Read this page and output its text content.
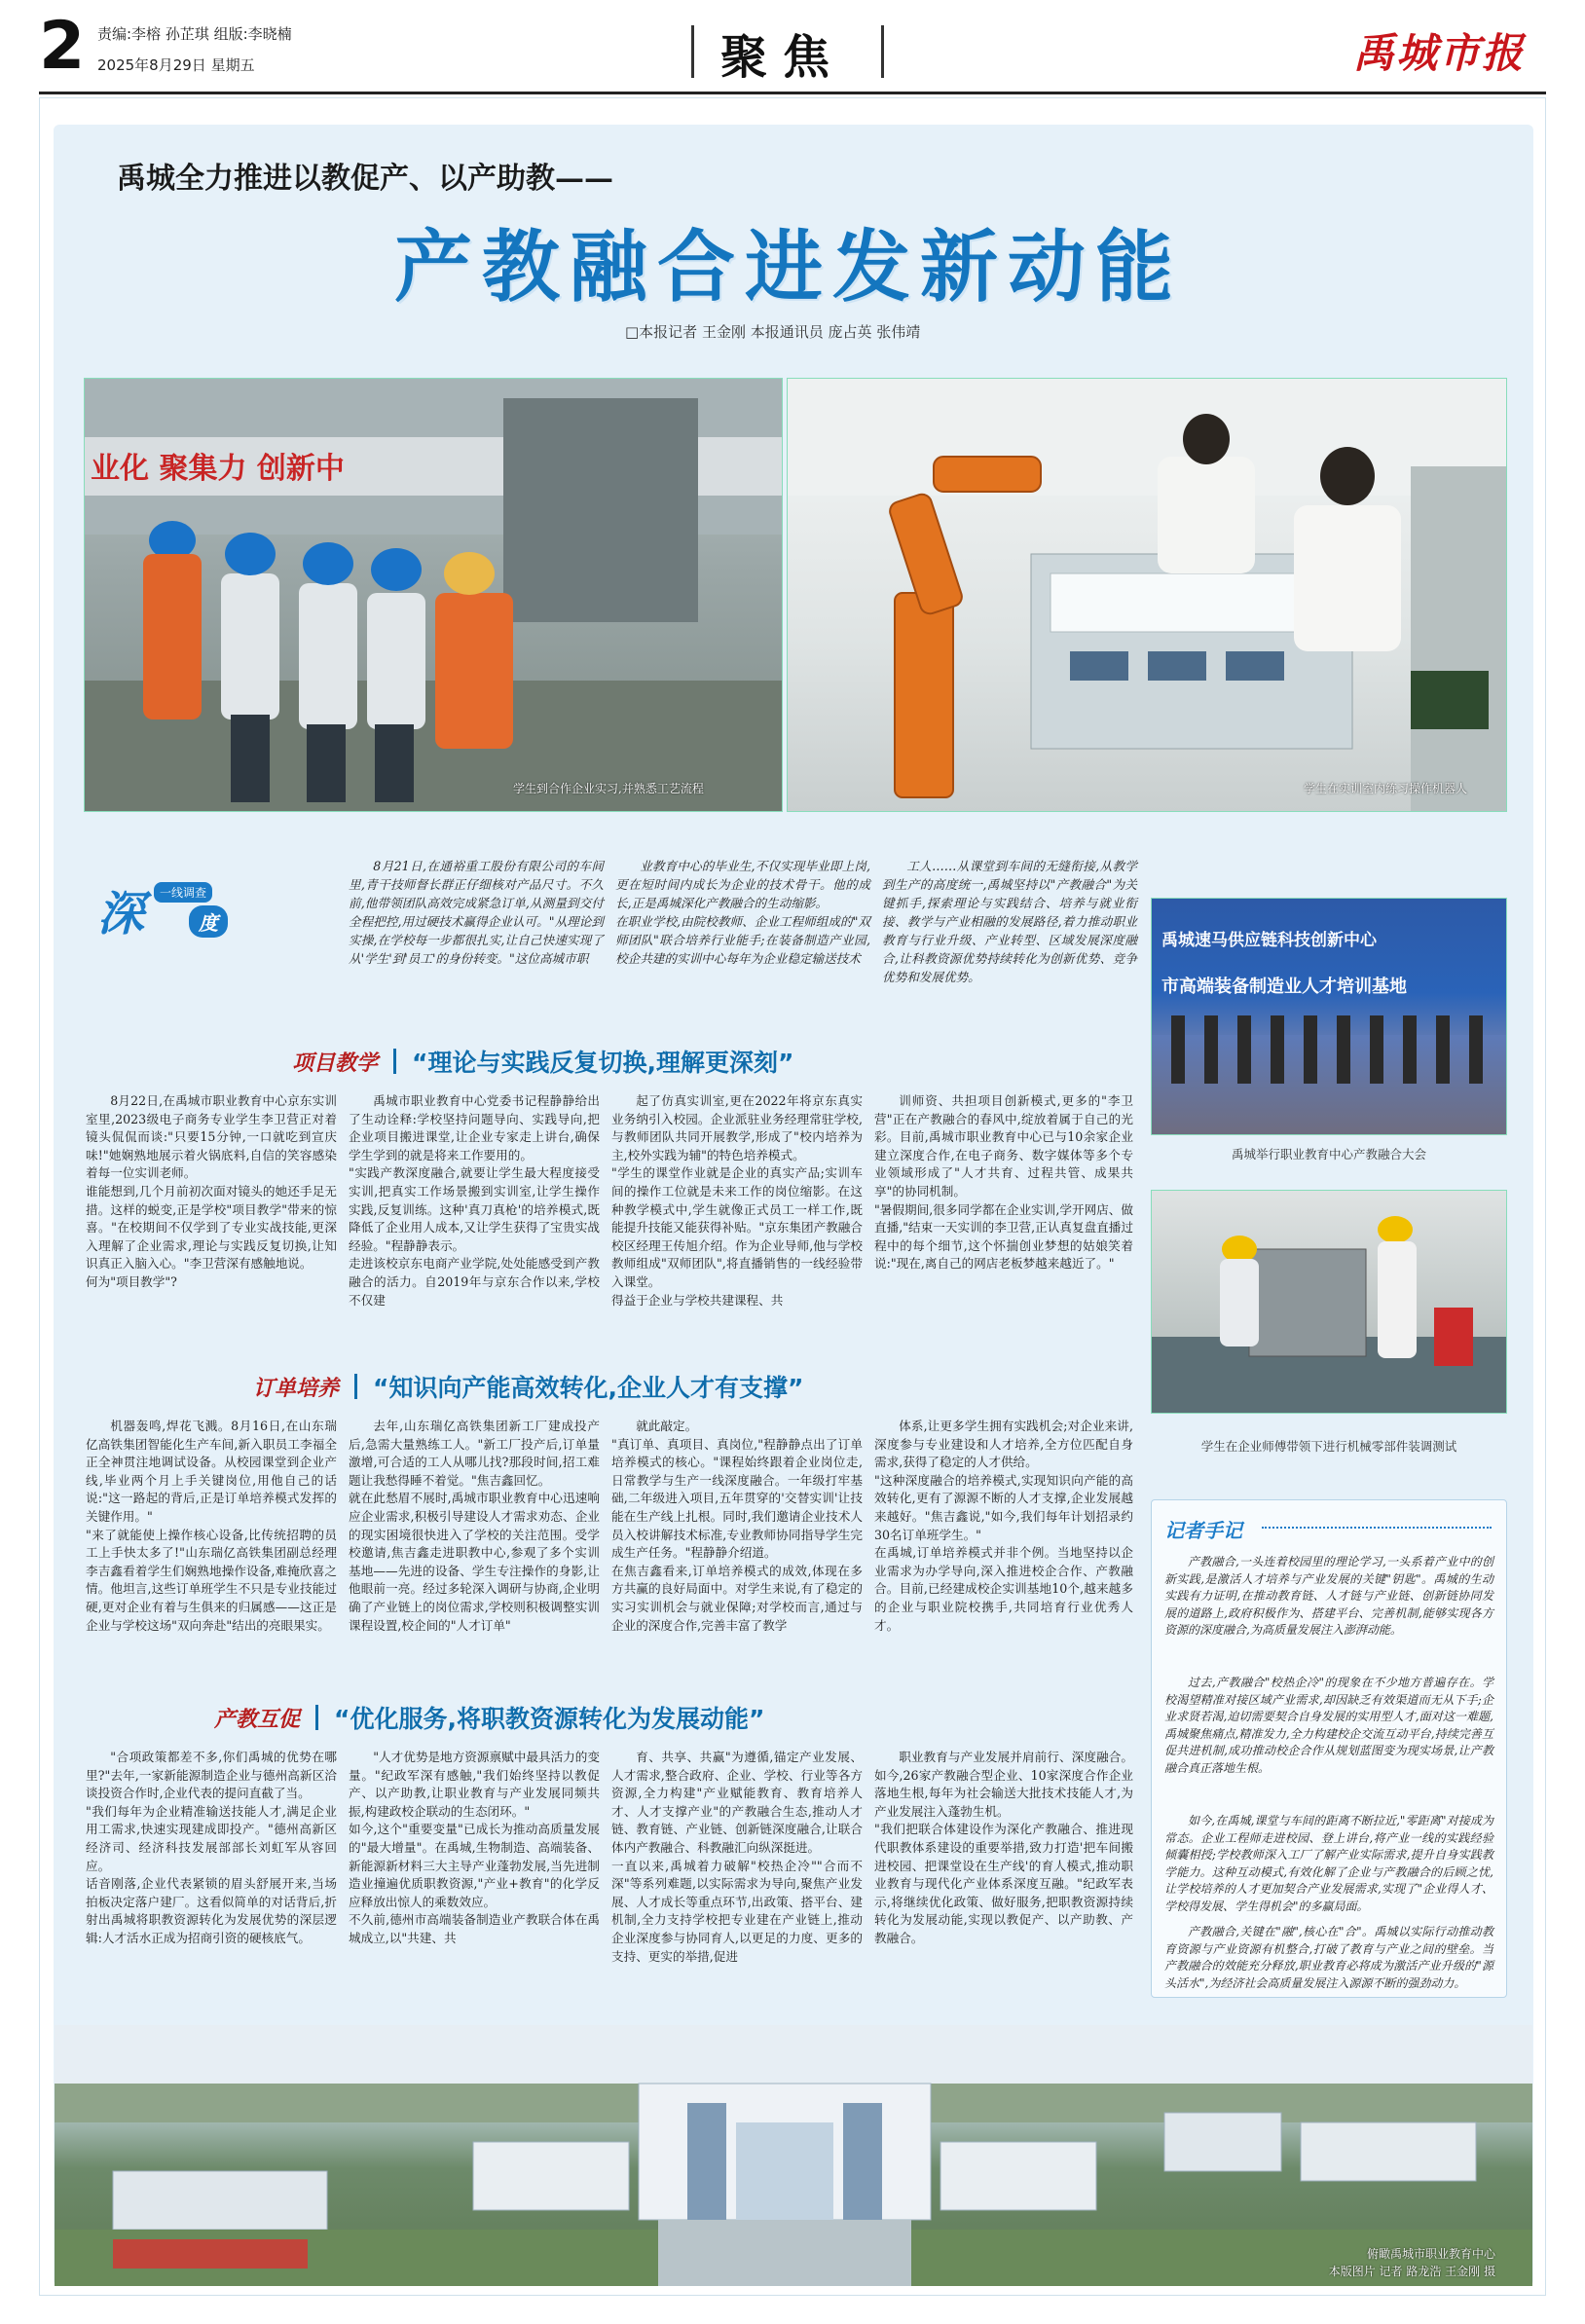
2 责编:李榕 孙芷琪 组版:李晓楠
2025年8月29日 星期五	聚焦	禹城市报
禹城全力推进以教促产、以产助教——
产教融合进发新动能
□本报记者 王金刚 本报通讯员 庞占英 张伟靖
业化 聚集力 创新中
学生到合作企业实习,并熟悉工艺流程	学生在实训室内练习操作机器人
深	一线调查
度
8月21日,在通裕重工股份有限公司的车间里,青干技师督长群正仔细核对产品尺寸。不久前,他带领团队高效完成紧急订单,从测量到交付全程把控,用过硬技术赢得企业认可。"从理论到实操,在学校每一步都很扎实,让自己快速实现了从'学生'到'员工'的身份转变。"这位高城市职
业教育中心的毕业生,不仅实现毕业即上岗,更在短时间内成长为企业的技术骨干。他的成长,正是禹城深化产教融合的生动缩影。
在职业学校,由院校教师、企业工程师组成的"双师团队"联合培养行业能手;在装备制造产业园,校企共建的实训中心每年为企业稳定输送技术
工人……从课堂到车间的无缝衔接,从教学到生产的高度统一,禹城坚持以"产教融合"为关键抓手,探索理论与实践结合、培养与就业衔接、教学与产业相融的发展路径,着力推动职业教育与行业升级、产业转型、区域发展深度融合,让科教资源优势持续转化为创新优势、竞争优势和发展优势。
禹城速马供应链科技创新中心
市高端装备制造业人才培训基地
禹城举行职业教育中心产教融合大会
学生在企业师傅带领下进行机械零部件装调测试
项目教学 “理论与实践反复切换,理解更深刻”
8月22日,在禹城市职业教育中心京东实训室里,2023级电子商务专业学生李卫营正对着镜头侃侃而谈:"只要15分钟,一口就吃到宣庆味!"她娴熟地展示着火锅底料,自信的笑容感染着每一位实训老师。
谁能想到,几个月前初次面对镜头的她还手足无措。这样的蜕变,正是学校"项目教学"带来的惊喜。"在校期间不仅学到了专业实战技能,更深入理解了企业需求,理论与实践反复切换,让知识真正入脑入心。"李卫营深有感触地说。
何为"项目教学"?
禹城市职业教育中心党委书记程静静给出了生动诠释:学校坚持问题导向、实践导向,把企业项目搬进课堂,让企业专家走上讲台,确保学生学到的就是将来工作要用的。
"实践产教深度融合,就要让学生最大程度接受实训,把真实工作场景搬到实训室,让学生操作实践,反复训练。这种'真刀真枪'的培养模式,既降低了企业用人成本,又让学生获得了宝贵实战经验。"程静静表示。
走进该校京东电商产业学院,处处能感受到产教融合的活力。自2019年与京东合作以来,学校不仅建
起了仿真实训室,更在2022年将京东真实业务纳引入校园。企业派驻业务经理常驻学校,与教师团队共同开展教学,形成了"校内培养为主,校外实践为辅"的特色培养模式。
"学生的课堂作业就是企业的真实产品;实训车间的操作工位就是未来工作的岗位缩影。在这种教学模式中,学生就像正式员工一样工作,既能提升技能又能获得补贴。"京东集团产教融合校区经理王传旭介绍。作为企业导师,他与学校教师组成"双师团队",将直播销售的一线经验带入课堂。
得益于企业与学校共建课程、共
训师资、共担项目创新模式,更多的"李卫营"正在产教融合的春风中,绽放着属于自己的光彩。目前,禹城市职业教育中心已与10余家企业建立深度合作,在电子商务、数字媒体等多个专业领域形成了"人才共育、过程共管、成果共享"的协同机制。
"暑假期间,很多同学都在企业实训,学开网店、做直播,"结束一天实训的李卫营,正认真复盘直播过程中的每个细节,这个怀揣创业梦想的姑娘笑着说:"现在,离自己的网店老板梦越来越近了。"
订单培养 “知识向产能高效转化,企业人才有支撑”
机器轰鸣,焊花飞溅。8月16日,在山东瑞亿高铁集团智能化生产车间,新入职员工李福全正全神贯注地调试设备。从校园课堂到企业产线,毕业两个月上手关键岗位,用他自己的话说:"这一路起的背后,正是订单培养模式发挥的关键作用。"
"来了就能使上操作核心设备,比传统招聘的员工上手快太多了!"山东瑞亿高铁集团副总经理李吉鑫看着学生们娴熟地操作设备,难掩欣喜之情。他坦言,这些订单班学生不只是专业技能过硬,更对企业有着与生俱来的归属感——这正是企业与学校这场"双向奔赴"结出的亮眼果实。
去年,山东瑞亿高铁集团新工厂建成投产后,急需大量熟练工人。"新工厂投产后,订单量激增,可合适的工人从哪儿找?那段时间,招工难题让我愁得睡不着觉。"焦吉鑫回忆。
就在此愁眉不展时,禹城市职业教育中心迅速响应企业需求,积极引导建设人才需求劝态、企业的现实困境很快进入了学校的关注范围。受学校邀请,焦吉鑫走进职教中心,参观了多个实训基地——先进的设备、学生专注操作的身影,让他眼前一亮。经过多轮深入调研与协商,企业明确了产业链上的岗位需求,学校则积极调整实训课程设置,校企间的"人才订单"
就此敲定。
"真订单、真项目、真岗位,"程静静点出了订单培养模式的核心。"课程始终跟着企业岗位走,日常教学与生产一线深度融合。一年级打牢基础,二年级进入项目,五年贯穿的'交替实训'让技能在生产线上扎根。同时,我们邀请企业技术人员入校讲解技术标准,专业教师协同指导学生完成生产任务。"程静静介绍道。
在焦吉鑫看来,订单培养模式的成效,体现在多方共赢的良好局面中。对学生来说,有了稳定的实习实训机会与就业保障;对学校而言,通过与企业的深度合作,完善丰富了教学
体系,让更多学生拥有实践机会;对企业来讲,深度参与专业建设和人才培养,全方位匹配自身需求,获得了稳定的人才供给。
"这种深度融合的培养模式,实现知识向产能的高效转化,更有了源源不断的人才支撑,企业发展越来越好。"焦吉鑫说,"如今,我们每年计划招录约30名订单班学生。"
在禹城,订单培养模式并非个例。当地坚持以企业需求为办学导向,深入推进校企合作、产教融合。目前,已经建成校企实训基地10个,越来越多的企业与职业院校携手,共同培育行业优秀人才。
产教互促 “优化服务,将职教资源转化为发展动能”
"合项政策都差不多,你们禹城的优势在哪里?"去年,一家新能源制造企业与德州高新区洽谈投资合作时,企业代表的提问直截了当。
"我们每年为企业精准输送技能人才,满足企业用工需求,快速实现建成即投产。"德州高新区经济司、经济科技发展部部长刘虹军从容回应。
话音刚落,企业代表紧锁的眉头舒展开来,当场拍板决定落户建厂。这看似简单的对话背后,折射出禹城将职教资源转化为发展优势的深层逻辑:人才活水正成为招商引资的硬核底气。
"人才优势是地方资源禀赋中最具活力的变量。"纪政军深有感触,"我们始终坚持以教促产、以产助教,让职业教育与产业发展同频共振,构建政校企联动的生态闭环。"
如今,这个"重要变量"已成长为推动高质量发展的"最大增量"。在禹城,生物制造、高端装备、新能源新材料三大主导产业蓬勃发展,当先进制造业撞遍优质职教资源,"产业+教育"的化学反应释放出惊人的乘数效应。
不久前,德州市高端装备制造业产教联合体在禹城成立,以"共建、共
育、共享、共赢"为遵循,锚定产业发展、人才需求,整合政府、企业、学校、行业等各方资源,全力构建"产业赋能教育、教育培养人才、人才支撑产业"的产教融合生态,推动人才链、教育链、产业链、创新链深度融合,让联合体内产教融合、科教融汇向纵深挺进。
一直以来,禹城着力破解"校热企冷""合而不深"等系列难题,以实际需求为导向,聚焦产业发展、人才成长等重点环节,出政策、搭平台、建机制,全力支持学校把专业建在产业链上,推动企业深度参与协同育人,以更足的力度、更多的支持、更实的举措,促进
职业教育与产业发展并肩前行、深度融合。如今,26家产教融合型企业、10家深度合作企业落地生根,每年为社会输送大批技术技能人才,为产业发展注入蓬勃生机。
"我们把联合体建设作为深化产教融合、推进现代职教体系建设的重要举措,致力打造'把车间搬进校园、把课堂设在生产线'的育人模式,推动职业教育与现代化产业体系深度互融。"纪政军表示,将继续优化政策、做好服务,把职教资源持续转化为发展动能,实现以教促产、以产助教、产教融合。
记者手记
产教融合,一头连着校园里的理论学习,一头系着产业中的创新实践,是激活人才培养与产业发展的关键"钥匙"。禹城的生动实践有力证明,在推动教育链、人才链与产业链、创新链协同发展的道路上,政府积极作为、搭建平台、完善机制,能够实现各方资源的深度融合,为高质量发展注入澎湃动能。
过去,产教融合"校热企冷"的现象在不少地方普遍存在。学校渴望精准对接区域产业需求,却因缺乏有效渠道而无从下手;企业求贤若渴,迫切需要契合自身发展的实用型人才,面对这一难题,禹城聚焦痛点,精准发力,全力构建校企交流互动平台,持续完善互促共进机制,成功推动校企合作从规划蓝图变为现实场景,让产教融合真正落地生根。
如今,在禹城,课堂与车间的距离不断拉近,"零距离"对接成为常态。企业工程师走进校园、登上讲台,将产业一线的实践经验倾囊相授;学校教师深入工厂了解产业实际需求,提升自身实践教学能力。这种互动模式,有效化解了企业与产教融合的后顾之忧,让学校培养的人才更加契合产业发展需求,实现了"企业得人才、学校得发展、学生得机会"的多赢局面。
产教融合,关键在"融",核心在"合"。禹城以实际行动推动教育资源与产业资源有机整合,打破了教育与产业之间的壁垒。当产教融合的效能充分释放,职业教育必将成为激活产业升级的"源头活水",为经济社会高质量发展注入源源不断的强劲动力。
俯瞰禹城市职业教育中心
本版图片 记者 路龙浩 王金刚 摄
